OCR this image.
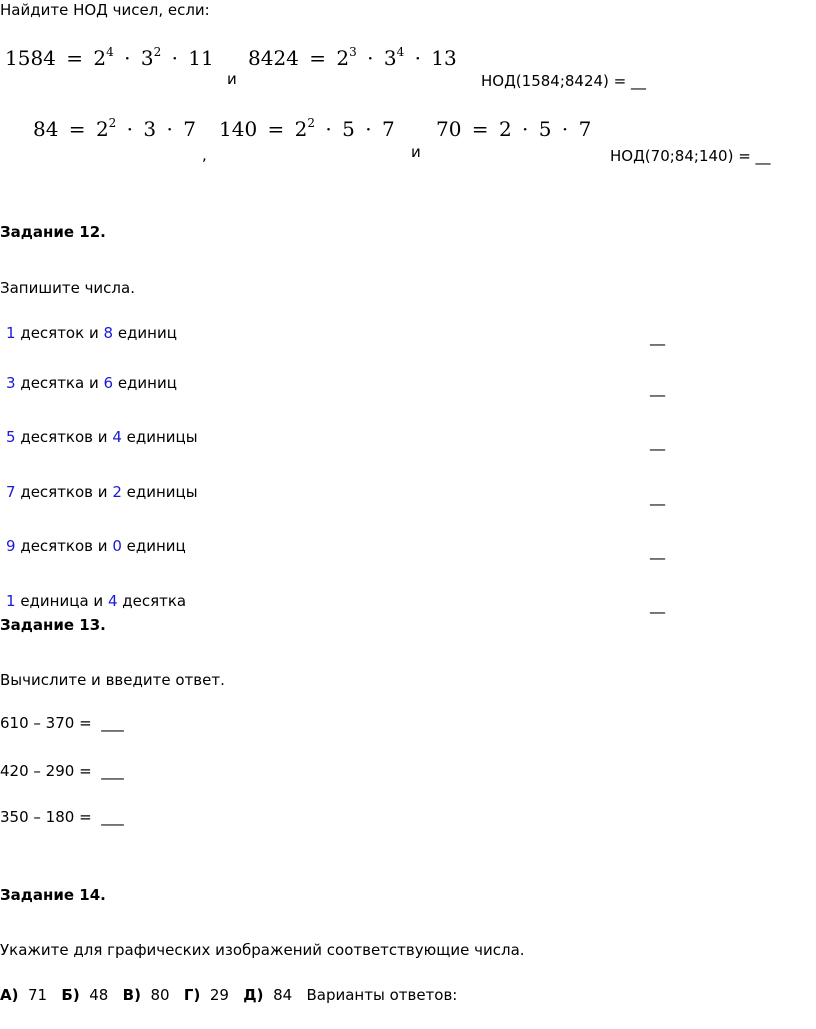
Найдите НОД чисел, если:
$1584 = 2^4 \cdot 3^2 \cdot 11$
и
$8424 = 2^3 \cdot 3^4 \cdot 13$
НОД(1584;8424) = __
$84 = 2^2 \cdot 3 \cdot 7$
,
$140 = 2^2 \cdot 5 \cdot 7$
и
70 = 2 · 5 · 7
НОД(70;84;140) = __
Задание 12.
Запишите числа.
1 десяток и 8 единиц	__
3 десятка и 6 единиц	__
5 десятков и 4 единицы	__
7 десятков и 2 единицы	__
9 десятков и 0 единиц	__
1 единица и 4 десятка	__
Задание 13.
Вычислите и введите ответ.
610 – 370 = ___
420 – 290 = ___
350 – 180 = ___
Задание 14.
Укажите для графических изображений соответствующие числа.
А) 71 Б) 48 В) 80 Г) 29 Д) 84 Варианты ответов:
